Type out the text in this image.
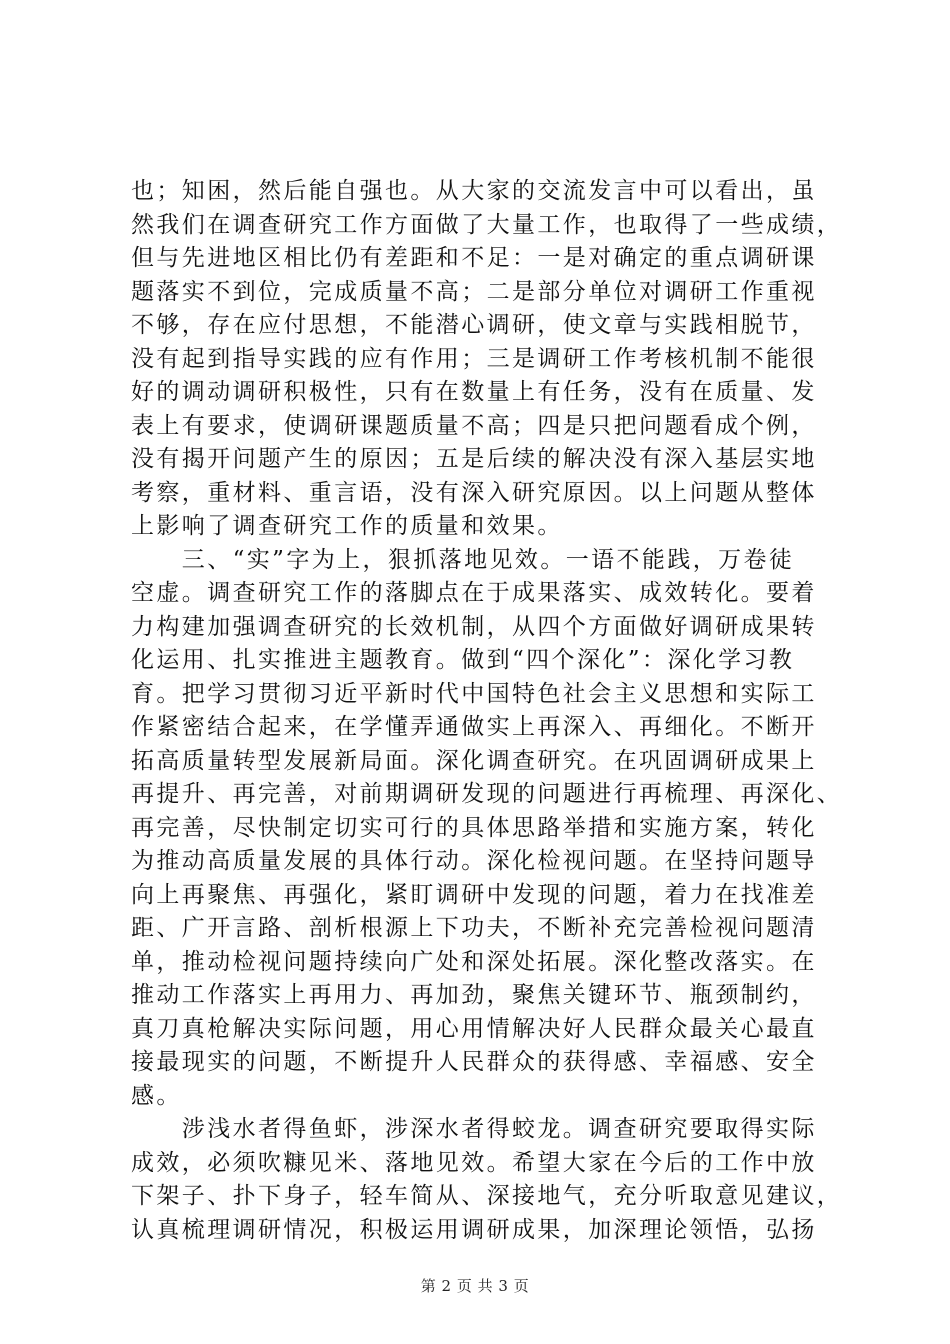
也；知困，然后能自强也。从大家的交流发言中可以看出，虽
然我们在调查研究工作方面做了大量工作，也取得了一些成绩，
但与先进地区相比仍有差距和不足：一是对确定的重点调研课
题落实不到位，完成质量不高；二是部分单位对调研工作重视
不够，存在应付思想，不能潜心调研，使文章与实践相脱节，
没有起到指导实践的应有作用；三是调研工作考核机制不能很
好的调动调研积极性，只有在数量上有任务，没有在质量、发
表上有要求，使调研课题质量不高；四是只把问题看成个例，
没有揭开问题产生的原因；五是后续的解决没有深入基层实地
考察，重材料、重言语，没有深入研究原因。以上问题从整体
上影响了调查研究工作的质量和效果。
　　三、“实”字为上，狠抓落地见效。一语不能践，万卷徒
空虚。调查研究工作的落脚点在于成果落实、成效转化。要着
力构建加强调查研究的长效机制，从四个方面做好调研成果转
化运用、扎实推进主题教育。做到“四个深化”：深化学习教
育。把学习贯彻习近平新时代中国特色社会主义思想和实际工
作紧密结合起来，在学懂弄通做实上再深入、再细化。不断开
拓高质量转型发展新局面。深化调查研究。在巩固调研成果上
再提升、再完善，对前期调研发现的问题进行再梳理、再深化、
再完善，尽快制定切实可行的具体思路举措和实施方案，转化
为推动高质量发展的具体行动。深化检视问题。在坚持问题导
向上再聚焦、再强化，紧盯调研中发现的问题，着力在找准差
距、广开言路、剖析根源上下功夫，不断补充完善检视问题清
单，推动检视问题持续向广处和深处拓展。深化整改落实。在
推动工作落实上再用力、再加劲，聚焦关键环节、瓶颈制约，
真刀真枪解决实际问题，用心用情解决好人民群众最关心最直
接最现实的问题，不断提升人民群众的获得感、幸福感、安全
感。
　　涉浅水者得鱼虾，涉深水者得蛟龙。调查研究要取得实际
成效，必须吹糠见米、落地见效。希望大家在今后的工作中放
下架子、扑下身子，轻车简从、深接地气，充分听取意见建议，
认真梳理调研情况，积极运用调研成果，加深理论领悟，弘扬
第 2 页 共 3 页
